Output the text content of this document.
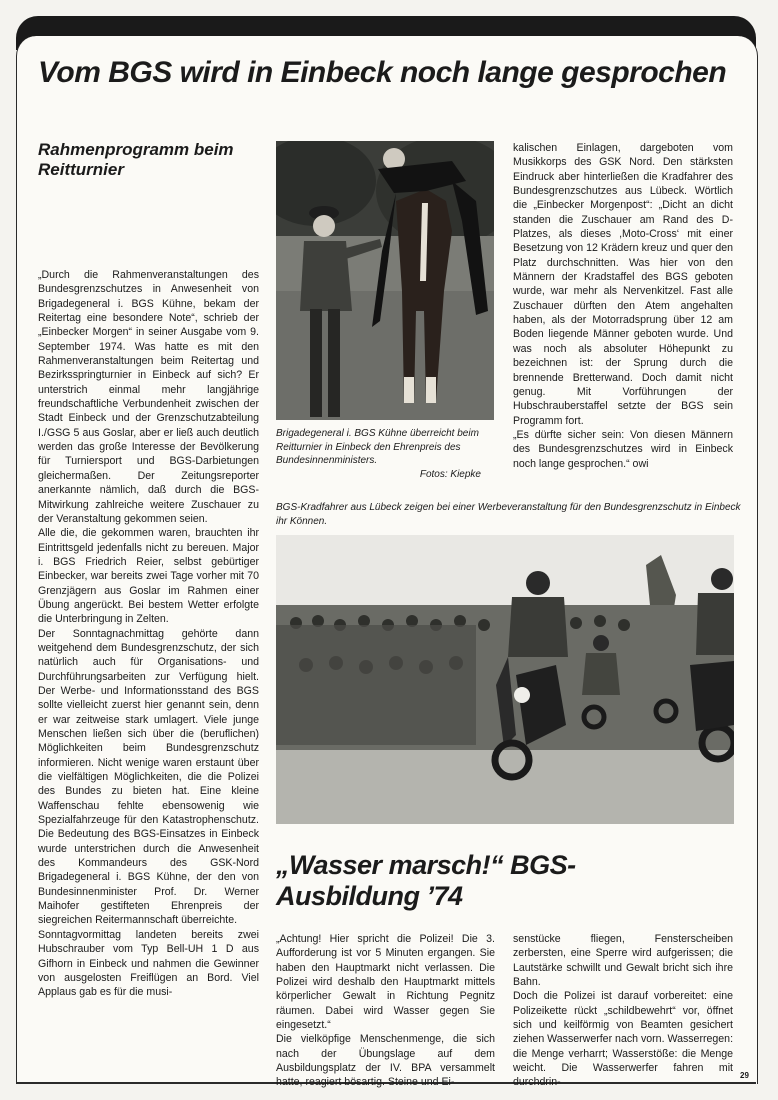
Vom BGS wird in Einbeck noch lange gesprochen
Rahmenprogramm beim Reitturnier

Brigadegeneral i. BGS Kühne überreicht beim Reitturnier in Einbeck den Ehrenpreis des Bundesinnenministers.

Fotos: Kiepke

BGS-Kradfahrer aus Lübeck zeigen bei einer Werbeveranstaltung für den Bundesgrenzschutz in Einbeck ihr Können.

„Durch die Rahmenveranstaltungen des Bundesgrenzschutzes in Anwesenheit von Brigadegeneral i. BGS Kühne, bekam der Reitertag eine besondere Note“, schrieb der „Einbecker Morgen“ in seiner Ausgabe vom 9. September 1974. Was hatte es mit den Rahmenveranstaltungen beim Reitertag und Bezirksspringturnier in Einbeck auf sich? Er unterstrich einmal mehr langjährige freundschaftliche Verbundenheit zwischen der Stadt Einbeck und der Grenzschutzabteilung I./GSG 5 aus Goslar, aber er ließ auch deutlich werden das große Interesse der Bevölkerung für Turniersport und BGS-Darbietungen gleichermaßen. Der Zeitungsreporter anerkannte nämlich, daß durch die BGS-Mitwirkung zahlreiche weitere Zuschauer zu der Veranstaltung gekommen seien.

Alle die, die gekommen waren, brauchten ihr Eintrittsgeld jedenfalls nicht zu bereuen. Major i. BGS Friedrich Reier, selbst gebürtiger Einbecker, war bereits zwei Tage vorher mit 70 Grenzjägern aus Goslar im Rahmen einer Übung angerückt. Bei bestem Wetter erfolgte die Unterbringung in Zelten.

Der Sonntagnachmittag gehörte dann weitgehend dem Bundesgrenzschutz, der sich natürlich auch für Organisations- und Durchführungsarbeiten zur Verfügung hielt. Der Werbe- und Informationsstand des BGS sollte vielleicht zuerst hier genannt sein, denn er war zeitweise stark umlagert. Viele junge Menschen ließen sich über die (beruflichen) Möglichkeiten beim Bundesgrenzschutz informieren. Nicht wenige waren erstaunt über die vielfältigen Möglichkeiten, die die Polizei des Bundes zu bieten hat. Eine kleine Waffenschau fehlte ebensowenig wie Spezialfahrzeuge für den Katastrophenschutz. Die Bedeutung des BGS-Einsatzes in Einbeck wurde unterstrichen durch die Anwesenheit des Kommandeurs des GSK-Nord Brigadegeneral i. BGS Kühne, der den von Bundesinnenminister Prof. Dr. Werner Maihofer gestifteten Ehrenpreis der siegreichen Reitermannschaft überreichte.

Sonntagvormittag landeten bereits zwei Hubschrauber vom Typ Bell-UH 1 D aus Gifhorn in Einbeck und nahmen die Gewinner von ausgelosten Freiflügen an Bord. Viel Applaus gab es für die musi-

kalischen Einlagen, dargeboten vom Musikkorps des GSK Nord. Den stärksten Eindruck aber hinterließen die Kradfahrer des Bundesgrenzschutzes aus Lübeck. Wörtlich die „Einbecker Morgenpost“: „Dicht an dicht standen die Zuschauer am Rand des D-Platzes, als dieses ,Moto-Cross‘ mit einer Besetzung von 12 Krädern kreuz und quer den Platz durchschnitten. Was hier von den Männern der Kradstaffel des BGS geboten wurde, war mehr als Nervenkitzel. Fast alle Zuschauer dürften den Atem angehalten haben, als der Motorradsprung über 12 am Boden liegende Männer geboten wurde. Und was noch als absoluter Höhepunkt zu bezeichnen ist: der Sprung durch die brennende Bretterwand. Doch damit nicht genug. Mit Vorführungen der Hubschrauberstaffel setzte der BGS sein Programm fort.

„Es dürfte sicher sein: Von diesen Männern des Bundesgrenzschutzes wird in Einbeck noch lange gesprochen.“ owi

„Wasser marsch!“ BGS-Ausbildung ’74

„Achtung! Hier spricht die Polizei! Die 3. Aufforderung ist vor 5 Minuten ergangen. Sie haben den Hauptmarkt nicht verlassen. Die Polizei wird deshalb den Hauptmarkt mittels körperlicher Gewalt in Richtung Pegnitz räumen. Dabei wird Wasser gegen Sie eingesetzt.“

Die vielköpfige Menschenmenge, die sich nach der Übungslage auf dem Ausbildungsplatz der IV. BPA versammelt hatte, reagiert bösartig. Steine und Ei-

senstücke fliegen, Fensterscheiben zerbersten, eine Sperre wird aufgerissen; die Lautstärke schwillt und Gewalt bricht sich ihre Bahn.

Doch die Polizei ist darauf vorbereitet: eine Polizeikette rückt „schildbewehrt“ vor, öffnet sich und keilförmig von Beamten gesichert ziehen Wasserwerfer nach vorn. Wasserregen: die Menge verharrt; Wasserstöße: die Menge weicht. Die Wasserwerfer fahren mit durchdrin-

29
